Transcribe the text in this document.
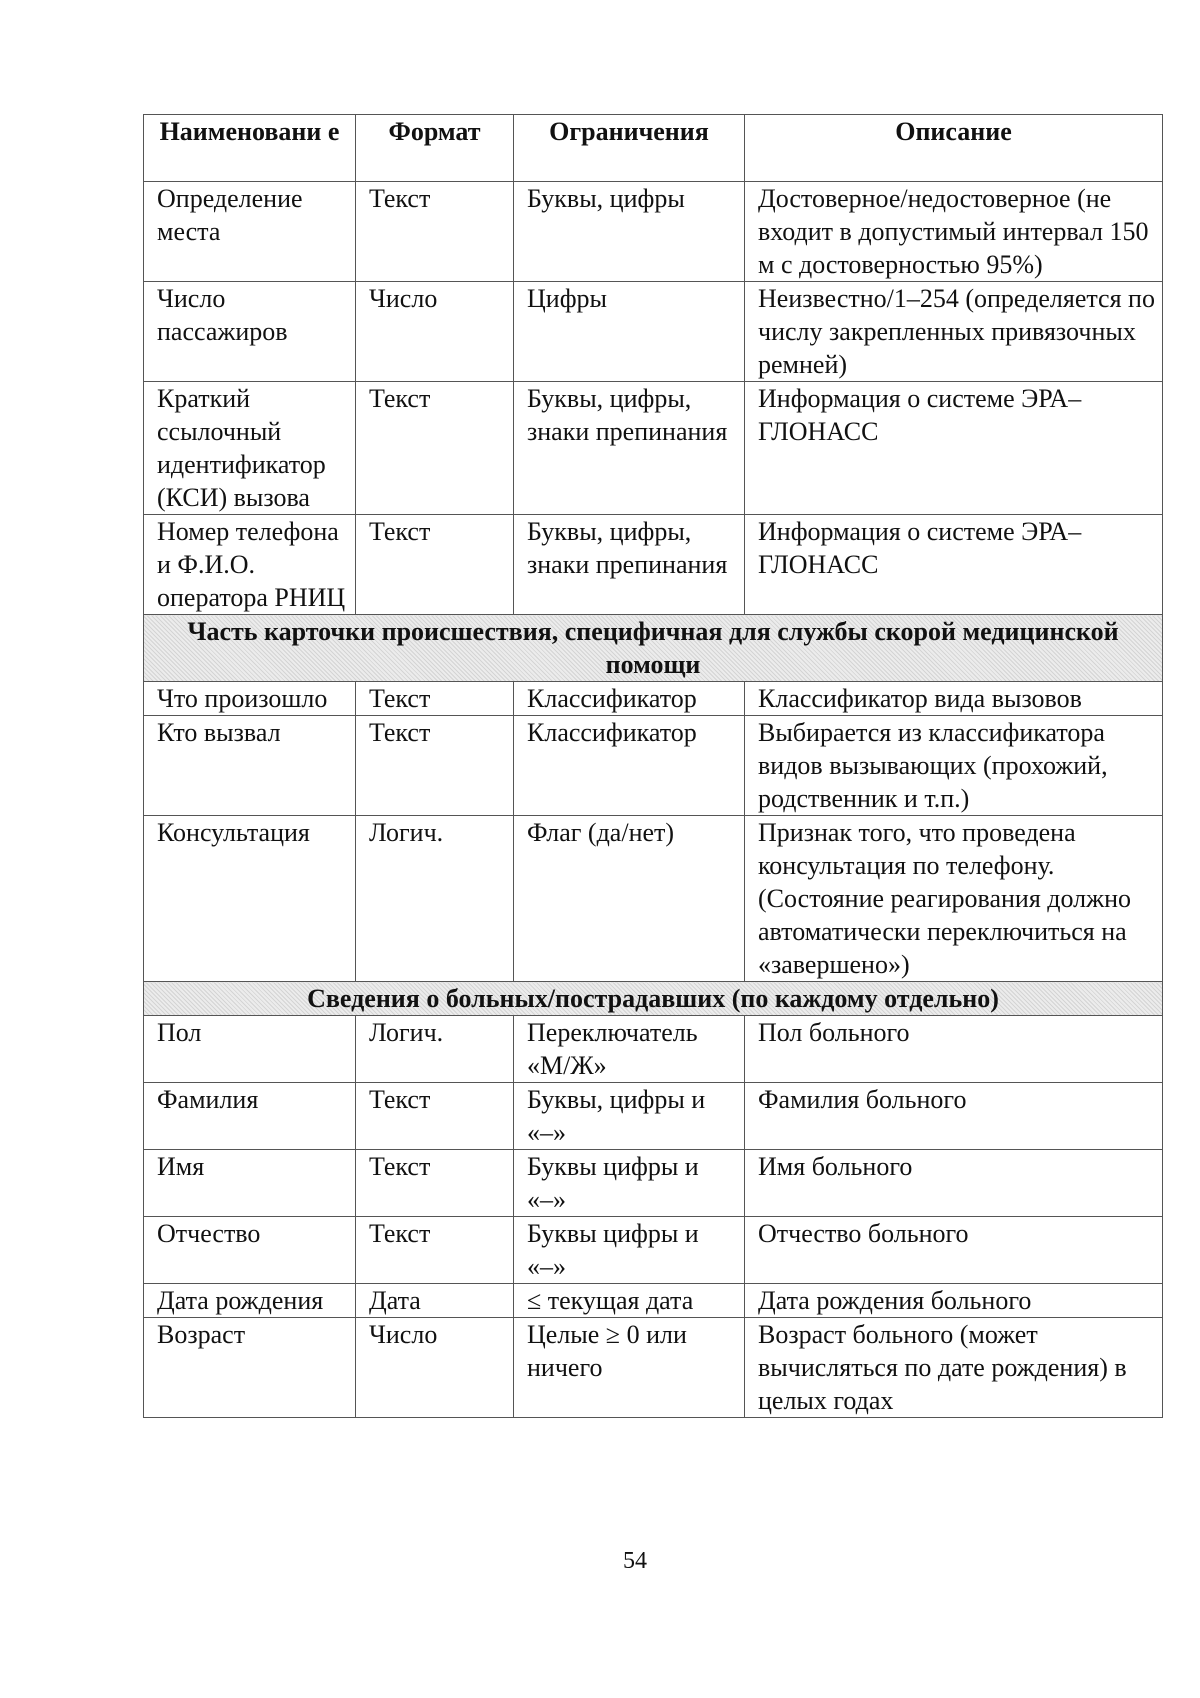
Наименовани е	Формат	Ограничения	Описание
Определение места	Текст	Буквы, цифры	Достоверное/недостоверное (не входит в допустимый интервал 150 м с достоверностью 95%)
Число пассажиров	Число	Цифры	Неизвестно/1–254 (определяется по числу закрепленных привязочных ремней)
Краткий ссылочный идентификатор (КСИ) вызова	Текст	Буквы, цифры, знаки препинания	Информация о системе ЭРА– ГЛОНАСС
Номер телефона и Ф.И.О. оператора РНИЦ	Текст	Буквы, цифры, знаки препинания	Информация о системе ЭРА– ГЛОНАСС
Часть карточки происшествия, специфичная для службы скорой медицинской помощи			
Что произошло	Текст	Классификатор	Классификатор вида вызовов
Кто вызвал	Текст	Классификатор	Выбирается из классификатора видов вызывающих (прохожий, родственник и т.п.)
Консультация	Логич.	Флаг (да/нет)	Признак того, что проведена консультация по телефону. (Состояние реагирования должно автоматически переключиться на «завершено»)
Сведения о больных/пострадавших (по каждому отдельно)			
Пол	Логич.	Переключатель «М/Ж»	Пол больного
Фамилия	Текст	Буквы, цифры и «–»	Фамилия больного
Имя	Текст	Буквы цифры и «–»	Имя больного
Отчество	Текст	Буквы цифры и «–»	Отчество больного
Дата рождения	Дата	≤ текущая дата	Дата рождения больного
Возраст	Число	Целые ≥ 0 или ничего	Возраст больного (может вычисляться по дате рождения) в целых годах
54
